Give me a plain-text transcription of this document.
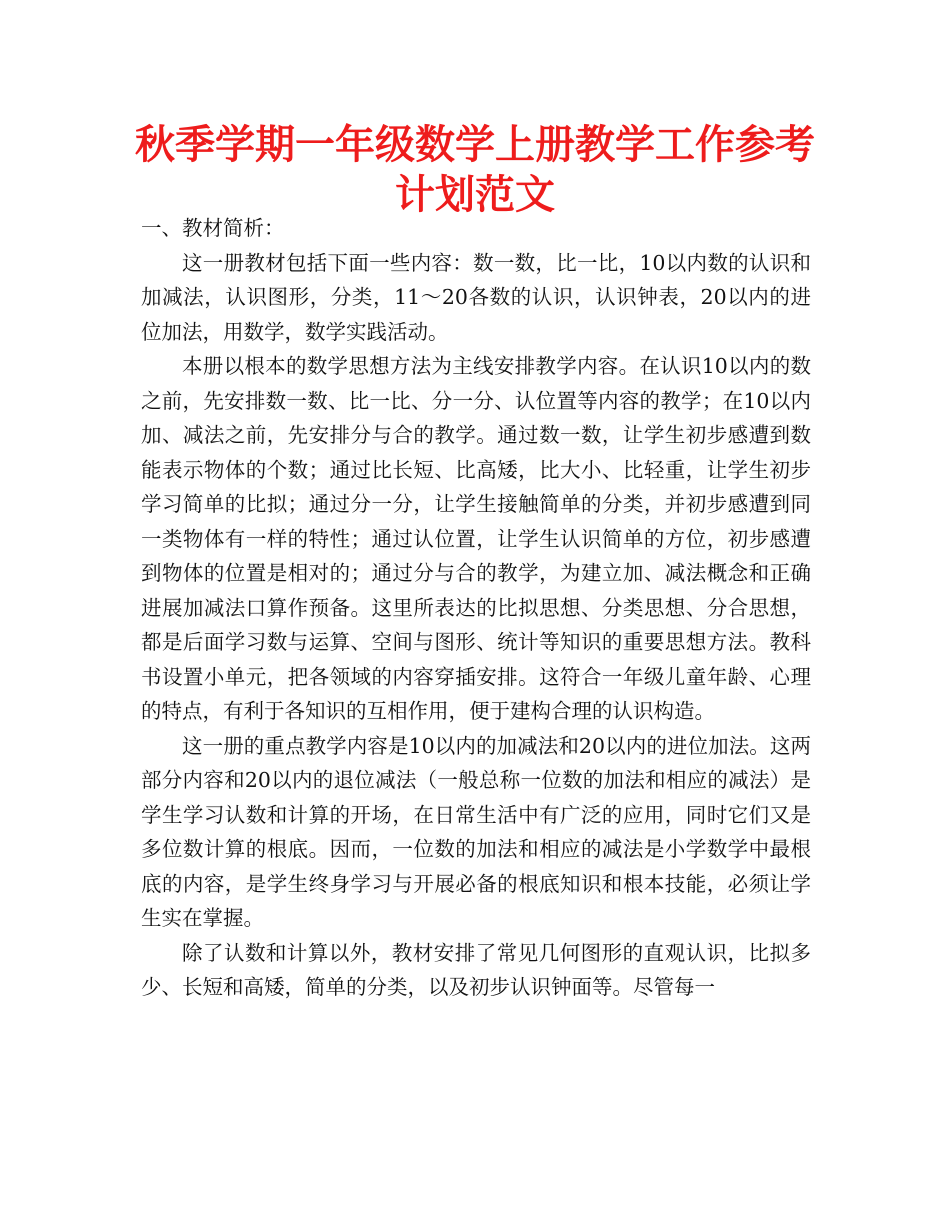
秋季学期一年级数学上册教学工作参考计划范文

一、教材简析：

这一册教材包括下面一些内容：数一数，比一比，10以内数的认识和加减法，认识图形，分类，11～20各数的认识，认识钟表，20以内的进位加法，用数学，数学实践活动。

本册以根本的数学思想方法为主线安排教学内容。在认识10以内的数之前，先安排数一数、比一比、分一分、认位置等内容的教学；在10以内加、减法之前，先安排分与合的教学。通过数一数，让学生初步感遭到数能表示物体的个数；通过比长短、比高矮，比大小、比轻重，让学生初步学习简单的比拟；通过分一分，让学生接触简单的分类，并初步感遭到同一类物体有一样的特性；通过认位置，让学生认识简单的方位，初步感遭到物体的位置是相对的；通过分与合的教学，为建立加、减法概念和正确进展加减法口算作预备。这里所表达的比拟思想、分类思想、分合思想，都是后面学习数与运算、空间与图形、统计等知识的重要思想方法。教科书设置小单元，把各领域的内容穿插安排。这符合一年级儿童年龄、心理的特点，有利于各知识的互相作用，便于建构合理的认识构造。

这一册的重点教学内容是10以内的加减法和20以内的进位加法。这两部分内容和20以内的退位减法（一般总称一位数的加法和相应的减法）是学生学习认数和计算的开场，在日常生活中有广泛的应用，同时它们又是多位数计算的根底。因而，一位数的加法和相应的减法是小学数学中最根底的内容，是学生终身学习与开展必备的根底知识和根本技能，必须让学生实在掌握。

除了认数和计算以外，教材安排了常见几何图形的直观认识，比拟多少、长短和高矮，简单的分类，以及初步认识钟面等。尽管每一
